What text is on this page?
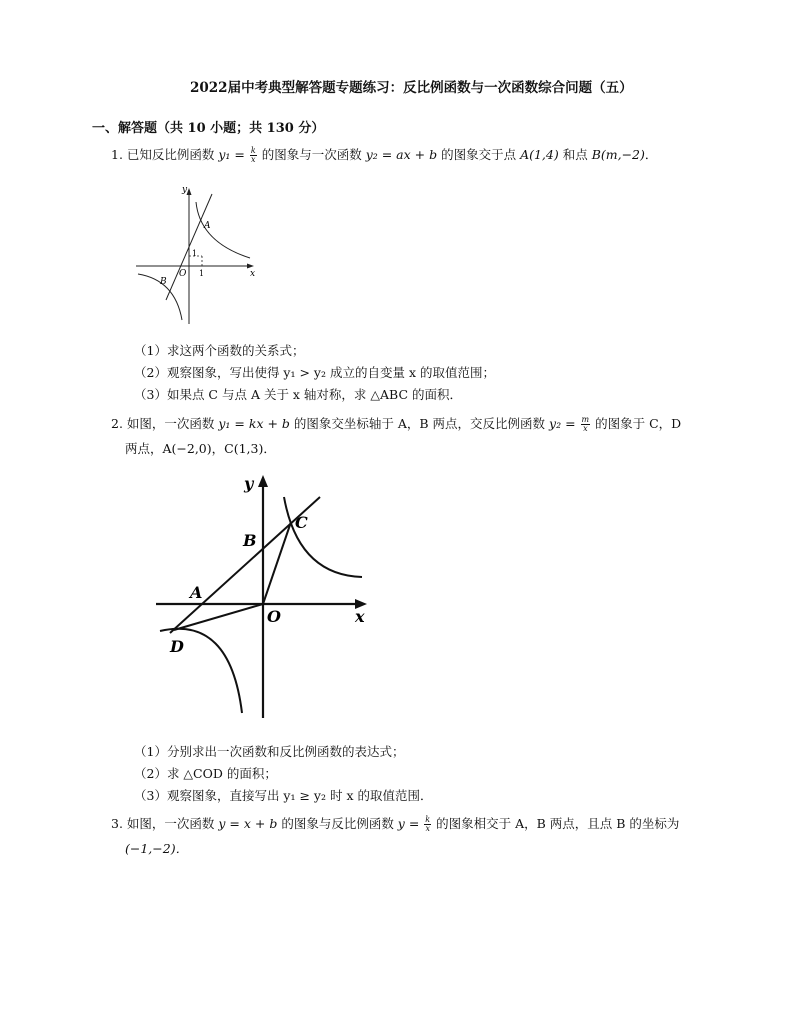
2022届中考典型解答题专题练习：反比例函数与一次函数综合问题（五）
一、解答题（共 10 小题；共 130 分）
1. 已知反比例函数 $y_1 = \frac{k}{x}$ 的图象与一次函数 y₂ = ax + b 的图象交于点 A(1,4) 和点 B(m,−2)．
y
x
A
B
O 1
1
（1）求这两个函数的关系式；
（2）观察图象，写出使得 y₁ > y₂ 成立的自变量 x 的取值范围；
（3）如果点 C 与点 A 关于 x 轴对称，求 △ABC 的面积．
2. 如图，一次函数 y₁ = kx + b 的图象交坐标轴于 A，B 两点，交反比例函数 $y_2 = \frac{m}{x}$ 的图象于 C，D
两点，A(−2,0)，C(1,3)．
y
x
A
B
C
D
O
（1）分别求出一次函数和反比例函数的表达式；
（2）求 △COD 的面积；
（3）观察图象，直接写出 y₁ ≥ y₂ 时 x 的取值范围．
3. 如图，一次函数 y = x + b 的图象与反比例函数 $y = \frac{k}{x}$ 的图象相交于 A，B 两点，且点 B 的坐标为
(−1,−2)．
